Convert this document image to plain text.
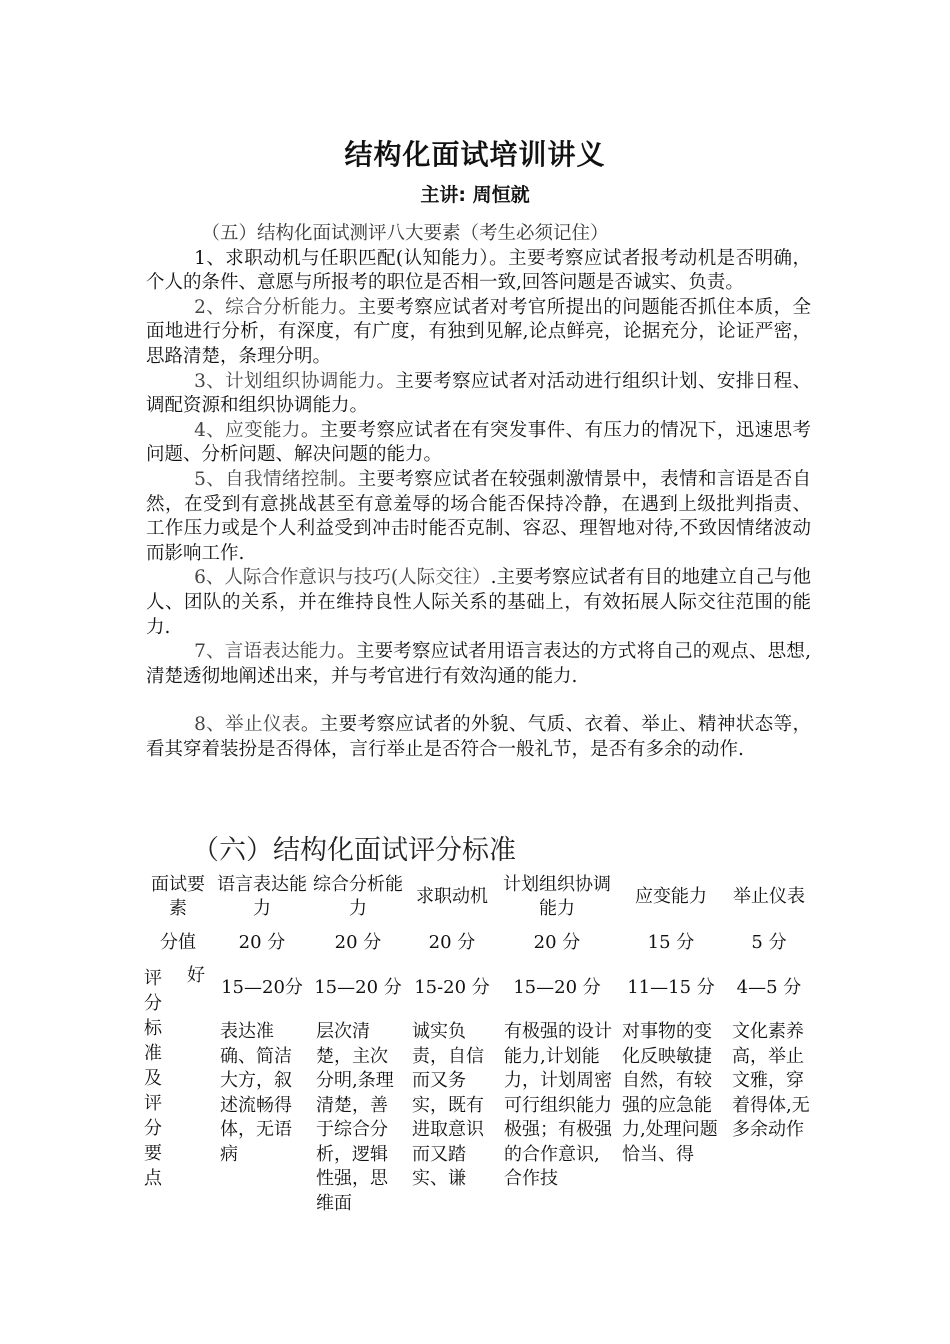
结构化面试培训讲义
主讲: 周恒就

（五）结构化面试测评八大要素（考生必须记住）

1、求职动机与任职匹配(认知能力）。主要考察应试者报考动机是否明确，个人的条件、意愿与所报考的职位是否相一致,回答问题是否诚实、负责。

2、综合分析能力。主要考察应试者对考官所提出的问题能否抓住本质，全面地进行分析，有深度，有广度，有独到见解,论点鲜亮，论据充分，论证严密，思路清楚，条理分明。

3、计划组织协调能力。主要考察应试者对活动进行组织计划、安排日程、调配资源和组织协调能力。

4、应变能力。主要考察应试者在有突发事件、有压力的情况下，迅速思考问题、分析问题、解决问题的能力。

5、自我情绪控制。主要考察应试者在较强刺激情景中，表情和言语是否自然，在受到有意挑战甚至有意羞辱的场合能否保持冷静，在遇到上级批判指责、工作压力或是个人利益受到冲击时能否克制、容忍、理智地对待,不致因情绪波动而影响工作.

6、人际合作意识与技巧(人际交往）.主要考察应试者有目的地建立自己与他人、团队的关系，并在维持良性人际关系的基础上，有效拓展人际交往范围的能力.

7、言语表达能力。主要考察应试者用语言表达的方式将自己的观点、思想,清楚透彻地阐述出来，并与考官进行有效沟通的能力.

8、举止仪表。主要考察应试者的外貌、气质、衣着、举止、精神状态等，看其穿着装扮是否得体，言行举止是否符合一般礼节，是否有多余的动作.

（六）结构化面试评分标准
面试要素		语言表达能力	综合分析能力	求职动机	计划组织协调能力	应变能力	举止仪表
分值		20 分	20 分	20 分	20 分	15 分	5 分

评分标准及评分要点	好	15—20分	15—20 分	15-20 分	15—20 分	11—15 分	4—5 分
		表达准确、简洁大方，叙述流畅得体，无语病	层次清楚，主次分明,条理清楚，善于综合分析，逻辑性强，思维面	诚实负责，自信而又务实，既有进取意识而又踏实、谦	有极强的设计能力,计划能力，计划周密可行组织能力极强；有极强的合作意识,合作技	对事物的变化反映敏捷自然，有较强的应急能力,处理问题恰当、得	文化素养高，举止文雅，穿着得体,无多余动作
